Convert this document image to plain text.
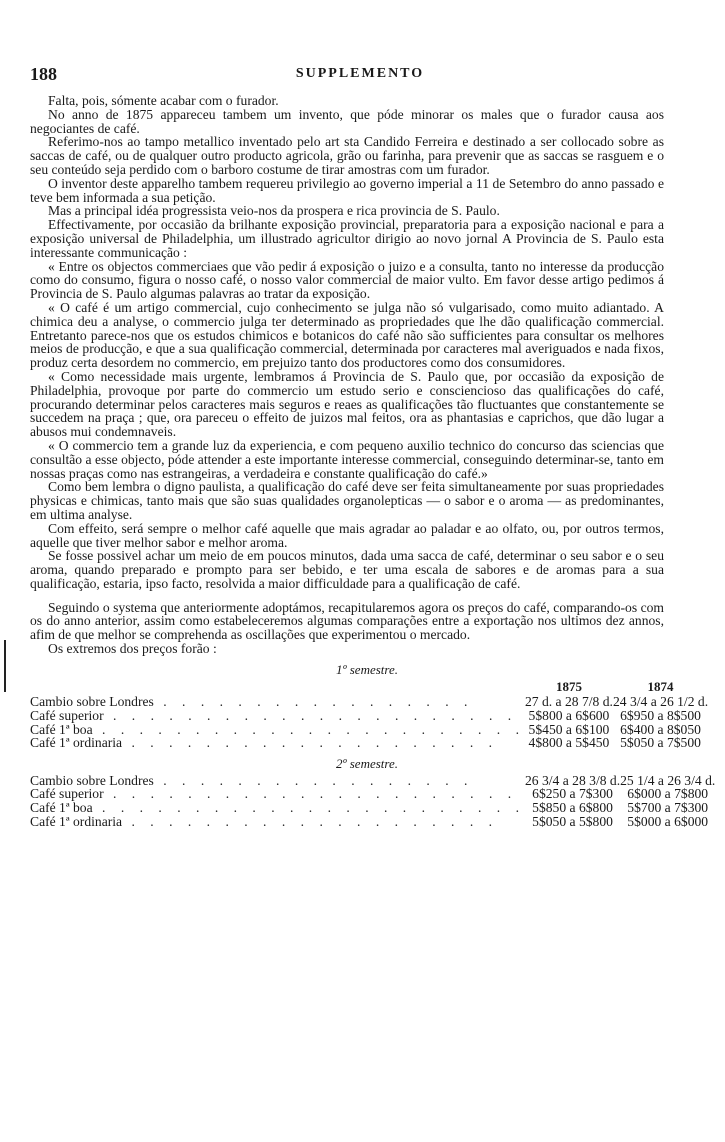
188	SUPPLEMENTO

Falta, pois, sómente acabar com o furador.

No anno de 1875 appareceu tambem um invento, que póde minorar os males que o furador causa aos negociantes de café.

Referimo-nos ao tampo metallico inventado pelo art sta Candido Ferreira e destinado a ser collocado sobre as saccas de café, ou de qualquer outro producto agricola, grão ou farinha, para prevenir que as saccas se rasguem e o seu conteúdo seja perdido com o barboro costume de tirar amostras com um furador.

O inventor deste apparelho tambem requereu privilegio ao governo imperial a 11 de Setembro do anno passado e teve bem informada a sua petição.

Mas a principal idéa progressista veio-nos da prospera e rica provincia de S. Paulo.

Effectivamente, por occasião da brilhante exposição provincial, preparatoria para a exposição nacional e para a exposição universal de Philadelphia, um illustrado agricultor dirigio ao novo jornal A Provincia de S. Paulo esta interessante communicação :

« Entre os objectos commerciaes que vão pedir á exposição o juizo e a consulta, tanto no interesse da producção como do consumo, figura o nosso café, o nosso valor commercial de maior vulto. Em favor desse artigo pedimos á Provincia de S. Paulo algumas palavras ao tratar da exposição.

« O café é um artigo commercial, cujo conhecimento se julga não só vulgarisado, como muito adiantado. A chimica deu a analyse, o commercio julga ter determinado as propriedades que lhe dão qualificação commercial. Entretanto parece-nos que os estudos chimicos e botanicos do café não são sufficientes para consultar os melhores meios de producção, e que a sua qualificação commercial, determinada por caracteres mal averiguados e nada fixos, produz certa desordem no commercio, em prejuizo tanto dos productores como dos consumidores.

« Como necessidade mais urgente, lembramos á Provincia de S. Paulo que, por occasião da exposição de Philadelphia, provoque por parte do commercio um estudo serio e consciencioso das qualificações do café, procurando determinar pelos caracteres mais seguros e reaes as qualificações tão fluctuantes que constantemente se succedem na praça ; que, ora pareceu o effeito de juizos mal feitos, ora as phantasias e caprichos, que dão lugar a abusos mui condemnaveis.

« O commercio tem a grande luz da experiencia, e com pequeno auxilio technico do concurso das sciencias que consultão a esse objecto, póde attender a este importante interesse commercial, conseguindo determinar-se, tanto em nossas praças como nas estrangeiras, a verdadeira e constante qualificação do café.»

Como bem lembra o digno paulista, a qualificação do café deve ser feita simultaneamente por suas propriedades physicas e chimicas, tanto mais que são suas qualidades organolepticas — o sabor e o aroma — as predominantes, em ultima analyse.

Com effeito, será sempre o melhor café aquelle que mais agradar ao paladar e ao olfato, ou, por outros termos, aquelle que tiver melhor sabor e melhor aroma.

Se fosse possivel achar um meio de em poucos minutos, dada uma sacca de café, determinar o seu sabor e o seu aroma, quando preparado e prompto para ser bebido, e ter uma escala de sabores e de aromas para a sua qualificação, estaria, ipso facto, resolvida a maior difficuldade para a qualificação de café.

Seguindo o systema que anteriormente adoptámos, recapitularemos agora os preços do café, comparando-os com os do anno anterior, assim como estabeleceremos algumas comparações entre a exportação nos ultimos dez annos, afim de que melhor se comprehenda as oscillações que experimentou o mercado.

Os extremos dos preços forão :

1º semestre.
	1875	1874
Cambio sobre Londres . . . . . . . . . . . . . . . . .	27 d. a 28 7/8 d.	24 3/4 a 26 1/2 d.
Café superior . . . . . . . . . . . . . . . . . . . . . .	5$800 a 6$600	6$950 a 8$500
Café 1ª boa . . . . . . . . . . . . . . . . . . . . . . .	5$450 a 6$100	6$400 a 8$050
Café 1ª ordinaria . . . . . . . . . . . . . . . . . . . .	4$800 a 5$450	5$050 a 7$500
2º semestre.
Cambio sobre Londres . . . . . . . . . . . . . . . . .	26 3/4 a 28 3/8 d.	25 1/4 a 26 3/4 d.
Café superior . . . . . . . . . . . . . . . . . . . . . .	6$250 a 7$300	6$000 a 7$800
Café 1ª boa . . . . . . . . . . . . . . . . . . . . . . .	5$850 a 6$800	5$700 a 7$300
Café 1ª ordinaria . . . . . . . . . . . . . . . . . . . .	5$050 a 5$800	5$000 a 6$000
